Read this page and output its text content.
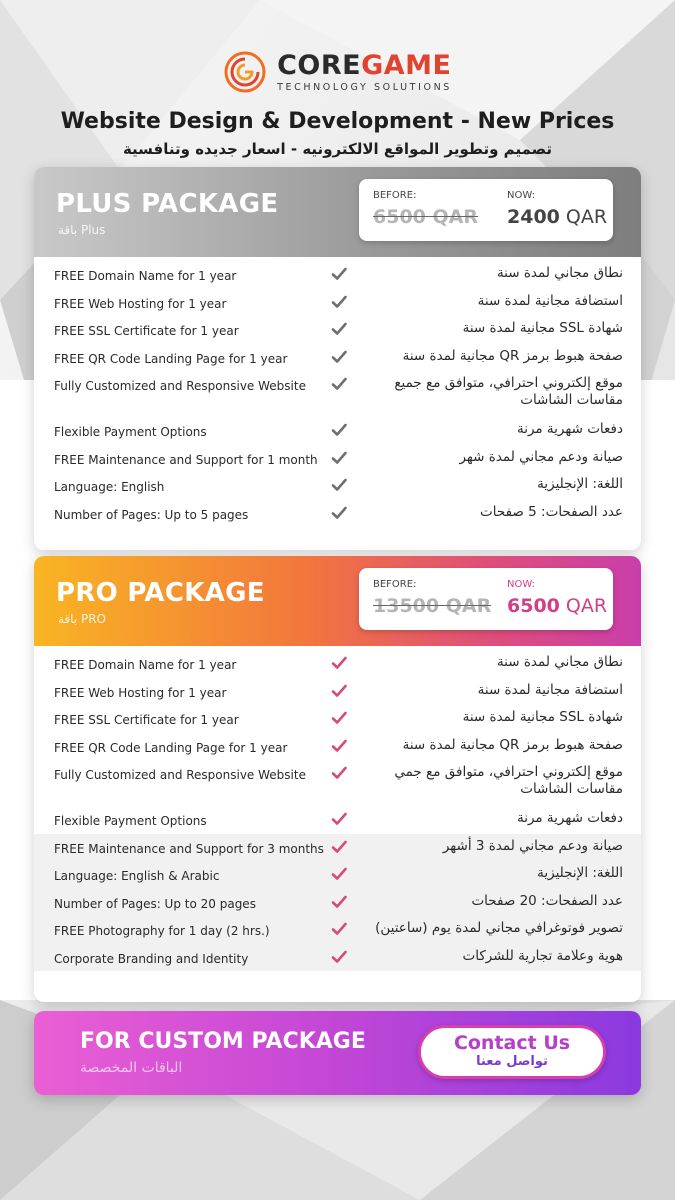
COREGAME
TECHNOLOGY SOLUTIONS
Website Design & Development - New Prices
تصميم وتطوير المواقع الالكترونيه - اسعار جديده وتنافسية
PLUS PACKAGE
باقة Plus
BEFORE:	NOW:
6500 QAR 2400 QAR
FREE Domain Name for 1 year	نطاق مجاني لمدة سنة
FREE Web Hosting for 1 year	استضافة مجانية لمدة سنة
FREE SSL Certificate for 1 year	شهادة SSL مجانية لمدة سنة
FREE QR Code Landing Page for 1 year	صفحة هبوط برمز QR مجانية لمدة سنة
Fully Customized and Responsive Website	موقع إلكتروني احترافي، متوافق مع جميع مقاسات الشاشات
Flexible Payment Options	دفعات شهرية مرنة
FREE Maintenance and Support for 1 month	صيانة ودعم مجاني لمدة شهر
Language: English	اللغة: الإنجليزية
Number of Pages: Up to 5 pages	عدد الصفحات: 5 صفحات
PRO PACKAGE
باقة PRO
BEFORE:	NOW:
13500 QAR 6500 QAR
FREE Domain Name for 1 year	نطاق مجاني لمدة سنة
FREE Web Hosting for 1 year	استضافة مجانية لمدة سنة
FREE SSL Certificate for 1 year	شهادة SSL مجانية لمدة سنة
FREE QR Code Landing Page for 1 year	صفحة هبوط برمز QR مجانية لمدة سنة
Fully Customized and Responsive Website	موقع إلكتروني احترافي، متوافق مع جمي مقاسات الشاشات
Flexible Payment Options	دفعات شهرية مرنة
FREE Maintenance and Support for 3 months	صيانة ودعم مجاني لمدة 3 أشهر
Language: English & Arabic	اللغة: الإنجليزية
Number of Pages: Up to 20 pages	عدد الصفحات: 20 صفحات
FREE Photography for 1 day (2 hrs.)	تصوير فوتوغرافي مجاني لمدة يوم (ساعتين)
Corporate Branding and Identity	هوية وعلامة تجارية للشركات
FOR CUSTOM PACKAGE
الباقات المخصصة
Contact Us
تواصل معنا
